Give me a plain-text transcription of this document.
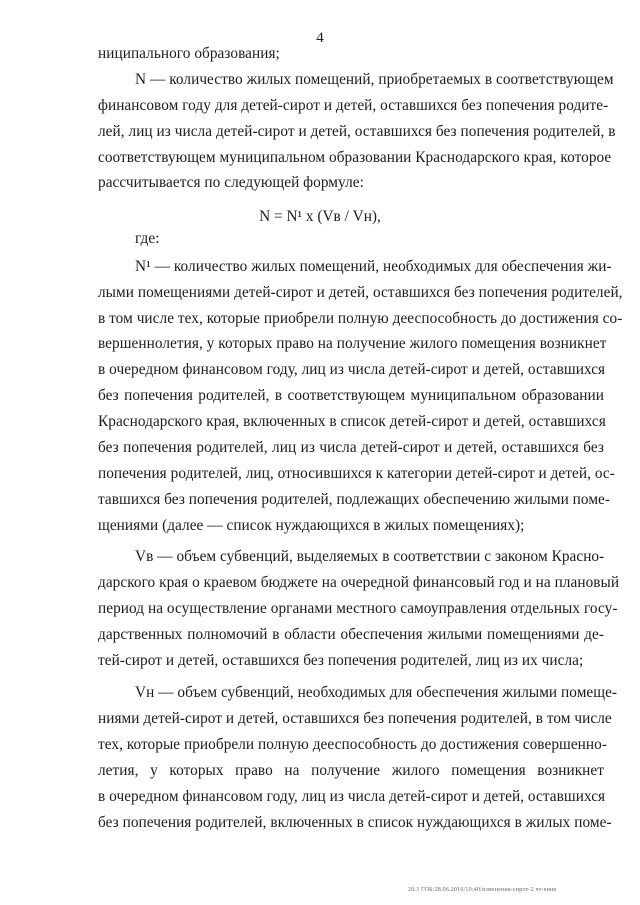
4
ниципального образования;
N — количество жилых помещений, приобретаемых в соответствующем
финансовом году для детей-сирот и детей, оставшихся без попечения родите-
лей, лиц из числа детей-сирот и детей, оставшихся без попечения родителей, в
соответствующем муниципальном образовании Краснодарского края, которое
рассчитывается по следующей формуле:
N = N¹ x (Vв / Vн),
где:
N¹ — количество жилых помещений, необходимых для обеспечения жи-
лыми помещениями детей-сирот и детей, оставшихся без попечения родителей,
в том числе тех, которые приобрели полную дееспособность до достижения со-
вершеннолетия, у которых право на получение жилого помещения возникнет
в очередном финансовом году, лиц из числа детей-сирот и детей, оставшихся
без попечения родителей, в соответствующем муниципальном образовании
Краснодарского края, включенных в список детей-сирот и детей, оставшихся
без попечения родителей, лиц из числа детей-сирот и детей, оставшихся без
попечения родителей, лиц, относившихся к категории детей-сирот и детей, ос-
тавшихся без попечения родителей, подлежащих обеспечению жилыми поме-
щениями (далее — список нуждающихся в жилых помещениях);
Vв — объем субвенций, выделяемых в соответствии с законом Красно-
дарского края о краевом бюджете на очередной финансовый год и на плановый
период на осуществление органами местного самоуправления отдельных госу-
дарственных полномочий в области обеспечения жилыми помещениями де-
тей-сирот и детей, оставшихся без попечения родителей, лиц из их числа;
Vн — объем субвенций, необходимых для обеспечения жилыми помеще-
ниями детей-сирот и детей, оставшихся без попечения родителей, в том числе
тех, которые приобрели полную дееспособность до достижения совершенно-
летия, у которых право на получение жилого помещения возникнет
в очередном финансовом году, лиц из числа детей-сирот и детей, оставшихся
без попечения родителей, включенных в список нуждающихся в жилых поме-
20.3 ГОБ/28.06.2016/10:40/изменения-сирот-2 чт-ения
